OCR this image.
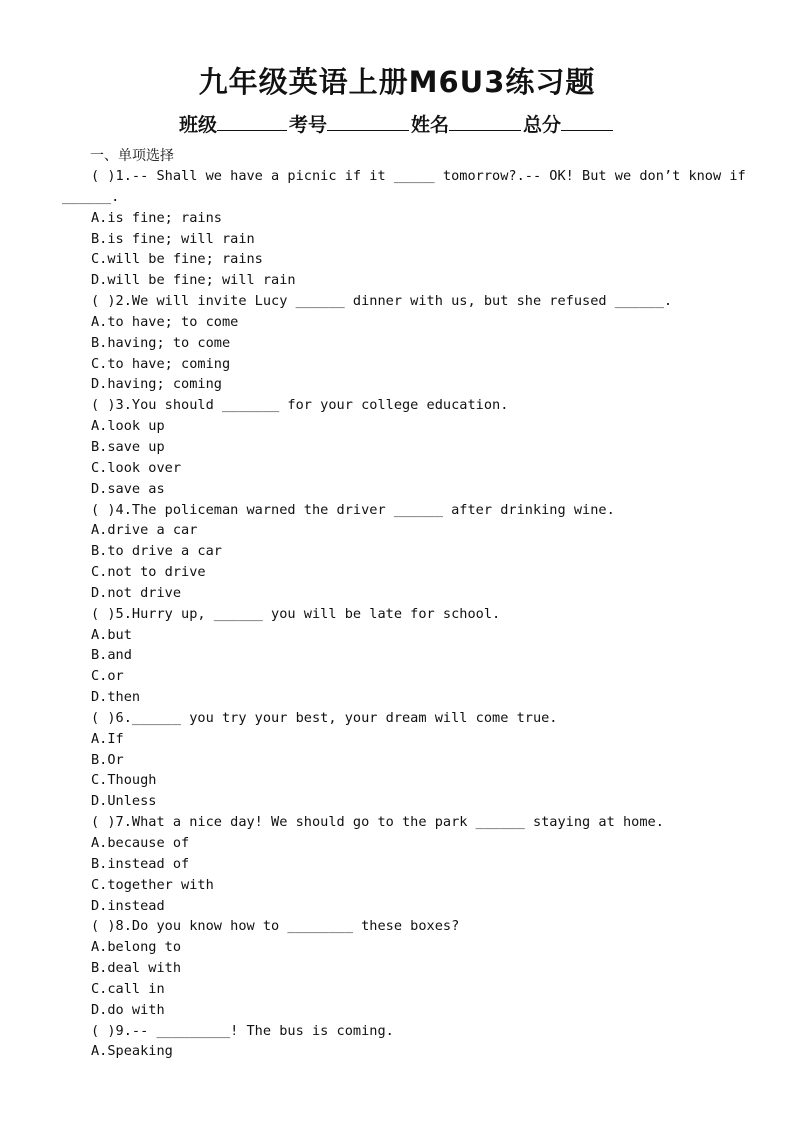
九年级英语上册M6U3练习题
班级	考号	姓名	总分
一、单项选择
( )1.-- Shall we have a picnic if it _____ tomorrow?.-- OK! But we don’t know if
______.
A.is fine; rains
B.is fine; will rain
C.will be fine; rains
D.will be fine; will rain
( )2.We will invite Lucy ______ dinner with us, but she refused ______.
A.to have; to come
B.having; to come
C.to have; coming
D.having; coming
( )3.You should _______ for your college education.
A.look up
B.save up
C.look over
D.save as
( )4.The policeman warned the driver ______ after drinking wine.
A.drive a car
B.to drive a car
C.not to drive
D.not drive
( )5.Hurry up, ______ you will be late for school.
A.but
B.and
C.or
D.then
( )6.______ you try your best, your dream will come true.
A.If
B.Or
C.Though
D.Unless
( )7.What a nice day! We should go to the park ______ staying at home.
A.because of
B.instead of
C.together with
D.instead
( )8.Do you know how to ________ these boxes?
A.belong to
B.deal with
C.call in
D.do with
( )9.-- _________! The bus is coming.
A.Speaking
